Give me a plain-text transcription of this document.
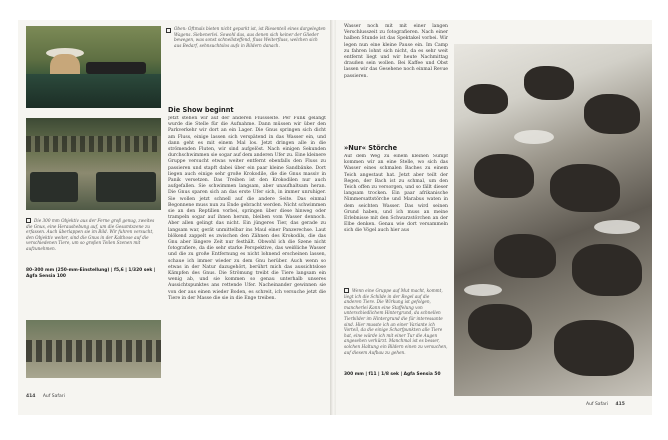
Oben: Oftmals bieten nicht geparkt ist, ist Riesenteil eines dargelegten Wagens. Siebenerlei. Sowohl das, aus denen sich keiner der Glieder bewegen, was sonst schnellsteffend, fluss Weiterfluss, welchen sich aus Bedarf, sehnsuchtslos aufs in Bildern danach.
Die Show beginnt
Jetzt stehen wir auf der anderen Flussseite. Per Funk gelangt wurde die Stelle für die Aufnahme. Dann müssen wir über den Parkverkehr wir dort an ein Lager. Die Gnus springen sich dicht am Fluss, einige lassen sich verspätend in das Wasser ein, und dann geht es mit einem Mal los. Jetzt dringen alle in die strömenden Fluten, wir sind aufgelöst. Nach einigen Sekunden durchschwimmen sie sogar auf dem anderen Ufer zu. Eine kleinere Gruppe versucht etwas weiter entfernt ebenfalls den Fluss zu passieren und stapft dabei über ein paar kleine Sandbänke. Dort liegen auch einige sehr große Krokodile, die die Gnus massiv in Panik versetzen. Das Treiben ist den Krokodilen nur auch aufgefallen. Sie schwimmen langsam, aber unaufhaltsam heran. Die Gnus sparen sich an das erste Ufer sich, in immer unruhiger. Sie wollen jetzt schnell auf die andere Seite. Das einmal Begonnene muss nun zu Ende gebracht werden. Nicht schwimmen sie an den Reptilien vorbei, springen über diese hinweg oder trampeln sogar auf ihnen herum, bleiben vom Wasser dennoch. Aber allen gelingt das nicht. Ein jüngeres Tier, das gerade zu langsam war, gerät unmittelbar ins Maul einer Panzerechse. Laut blökend zappelt es zwischen den Zähnen des Krokodils, die das Gnu aber längere Zeit nur festhält. Obwohl ich die Szene nicht fotografiere, da die sehr starke Perspektive, das weißliche Wasser und die zu große Entfernung es nicht lohnend erscheinen lassen, schaue ich immer wieder zu dem Gnu herüber. Auch wenn so etwas in der Natur dazugehört, berührt mich das aussichtslose Kämpfen des Gnus. Die Strömung treibt die Tiere langsam ein wenig ab, und sie kommen so genau unterhalb unseres Aussichtspunktes ans rettende Ufer. Nacheinander gewinnen sie von der aus einen wieder Boden, es schreit, ich versuche jetzt die Tiere in der Masse die sie in die Enge treiben.
Die 300 mm Objektiv aus der Ferne groß genug, zweites die Gnus, eine Heraushebung auf, um die Gesamtszene zu erfassen. Auch überlappen sie im Bild. Wir fuhren versucht, den Objektiv weiter, sind die Gnus in der Kalthose auf die verschiedenen Tiere, um so großen Teilen Szenen mit aufzunehmen.
80–300 mm (250-mm-Einstellung) | f5,6 | 1/320 sek | Agfa Sensia 100
414 Auf Safari
Wasser noch mit mit einer langen Verschlusszeit zu fotografieren. Nach einer halben Stunde ist das Spektakel vorbei. Wir legen nun eine kleine Pause ein. Im Camp zu fahren lohnt sich nicht, da es sehr weit entfernt liegt und wir heute Nachmittag draußen sein wollen. Bei Kaffee und Obst lassen wir das Gesehene noch einmal Revue passieren.
»Nur« Störche
Auf dem Weg zu einem kleinen Sumpf kommen wir an eine Stelle, wo sich das Wasser eines schmalen Baches zu einem Teich angestaut hat. Jetzt aber teilt der Regen, der Bach ist zu schmal, um den Teich offen zu versorgen, und so fällt dieser langsam trocken. Ein paar afrikanische Nimmersattstörche und Marabus waten in dem seichten Wasser. Das wird seinen Grund haben, und ich muss an meine Erlebnisse mit den Schwarzstörchen an der Elbe denken. Genau wie dort versammeln sich die Vögel auch hier aus
Wenn eine Gruppe auf Mut macht, kommt, liegt ich die Schilde in der Regel auf die anderen Tiere. Die Wirkung ist gefolgen, mancherlei Kann eine Staffelung von unterschiedlichem Hintergrund, da schnellen Tierbilder im Hintergrund die für interessante sind. Hier musste ich an einer Variante ich Vorteil, da die einige Scharfpunkten alle Tiere hat, eine würde ich mit einer Tur die Augen angesehen verkürzt. Manchmal ist es besser, solchen Haltung ein Bildern einen zu versuchen, auf diesem Aufbau zu gehen.
300 mm | f11 | 1/8 sek | Agfa Sensia 50
Auf Safari 415
